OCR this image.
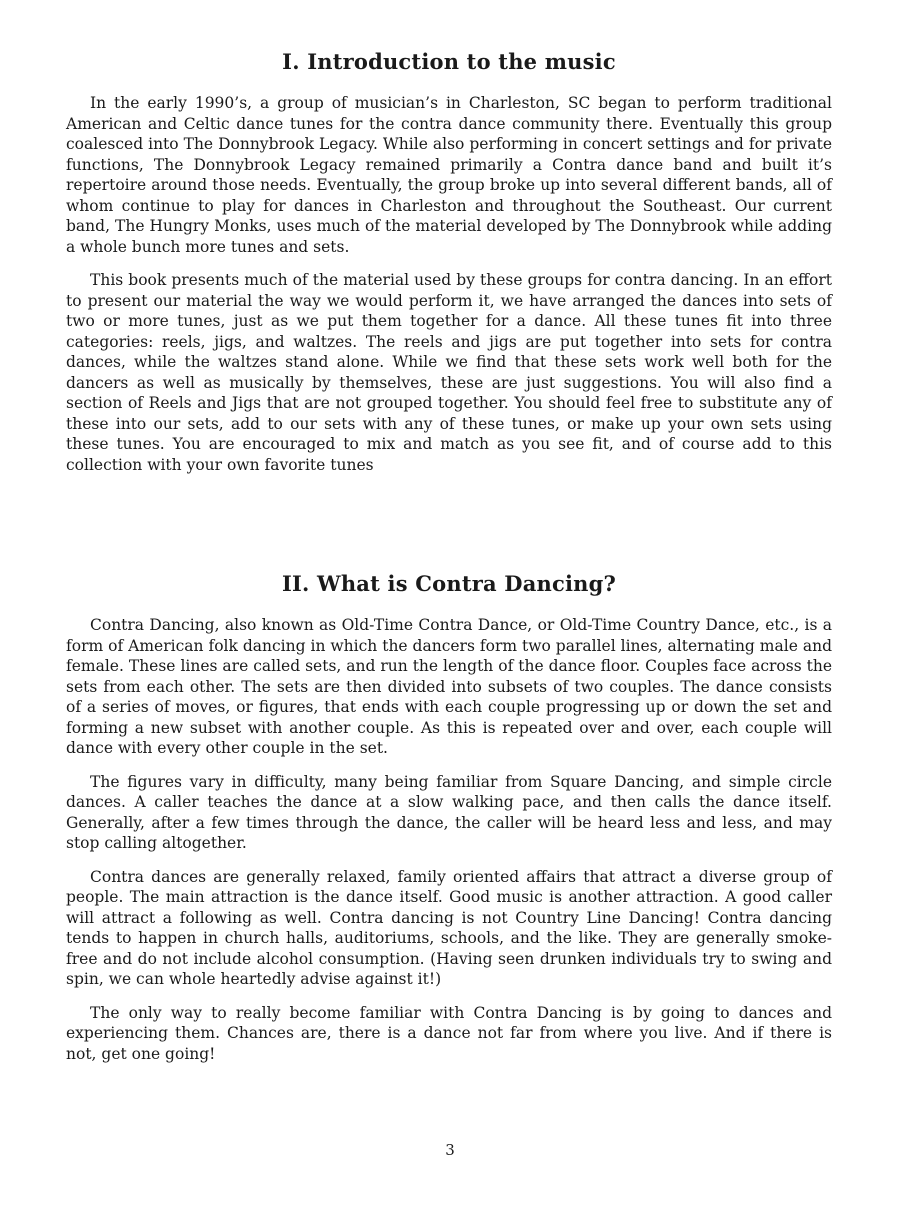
I. Introduction to the music

In the early 1990’s, a group of musician’s in Charleston, SC began to perform traditional American and Celtic dance tunes for the contra dance community there. Eventually this group coalesced into The Donnybrook Legacy. While also performing in concert settings and for private functions, The Donnybrook Legacy remained primarily a Contra dance band and built it’s repertoire around those needs. Eventually, the group broke up into several different bands, all of whom continue to play for dances in Charleston and throughout the Southeast. Our current band, The Hungry Monks, uses much of the material developed by The Donnybrook while adding a whole bunch more tunes and sets.

This book presents much of the material used by these groups for contra dancing. In an effort to present our material the way we would perform it, we have arranged the dances into sets of two or more tunes, just as we put them together for a dance. All these tunes fit into three categories: reels, jigs, and waltzes. The reels and jigs are put together into sets for contra dances, while the waltzes stand alone. While we find that these sets work well both for the dancers as well as musically by themselves, these are just suggestions. You will also find a section of Reels and Jigs that are not grouped together. You should feel free to substitute any of these into our sets, add to our sets with any of these tunes, or make up your own sets using these tunes. You are encouraged to mix and match as you see fit, and of course add to this collection with your own favorite tunes

II. What is Contra Dancing?

Contra Dancing, also known as Old-Time Contra Dance, or Old-Time Country Dance, etc., is a form of American folk dancing in which the dancers form two parallel lines, alternating male and female. These lines are called sets, and run the length of the dance floor. Couples face across the sets from each other. The sets are then divided into subsets of two couples. The dance consists of a series of moves, or figures, that ends with each couple progressing up or down the set and forming a new subset with another couple. As this is repeated over and over, each couple will dance with every other couple in the set.

The figures vary in difficulty, many being familiar from Square Dancing, and simple circle dances. A caller teaches the dance at a slow walking pace, and then calls the dance itself. Generally, after a few times through the dance, the caller will be heard less and less, and may stop calling altogether.

Contra dances are generally relaxed, family oriented affairs that attract a diverse group of people. The main attraction is the dance itself. Good music is another attraction. A good caller will attract a following as well. Contra dancing is not Country Line Dancing! Contra dancing tends to happen in church halls, auditoriums, schools, and the like. They are generally smoke-free and do not include alcohol consumption. (Having seen drunken individuals try to swing and spin, we can whole heartedly advise against it!)

The only way to really become familiar with Contra Dancing is by going to dances and experiencing them. Chances are, there is a dance not far from where you live. And if there is not, get one going!

3
